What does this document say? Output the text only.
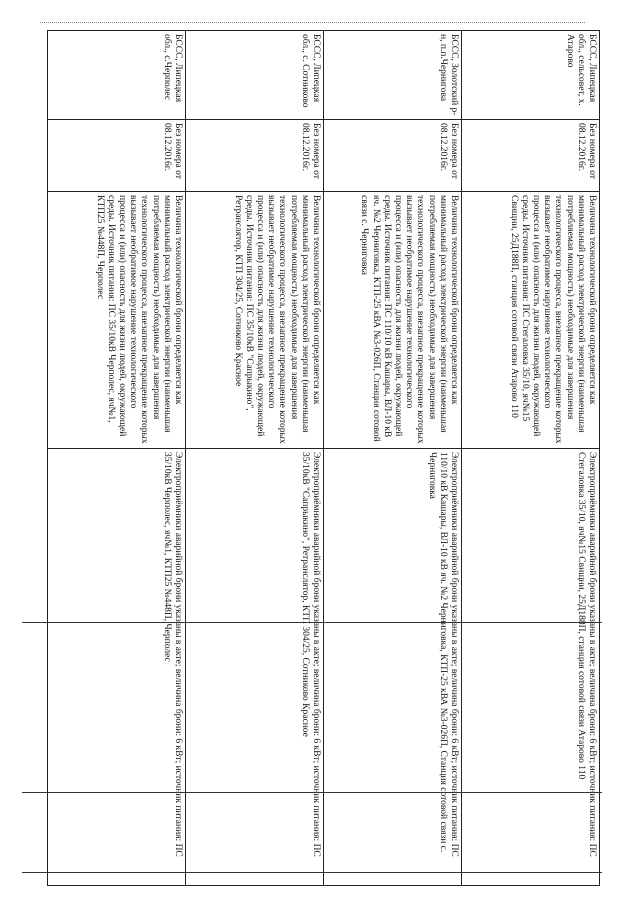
БССС, Липецкая обл., сельсовет, х. Атарово	Без номера от 08.12.2016г.	Величина технологической брони определяется как минимальный расход электрической энергии (наименьшая потребляемая мощность) необходимые для завершения технологического процесса, внезапное прекращение которых вызывает необратимое нарушение технологического процесса и (или) опасность для жизни людей, окружающей среды. Источник питания: ПС Стегаловка 35/10, яч№15 Свищни, 25Д188П, станция сотовой связи Атарово 110	Электроприёмники аварийной брони указаны в акте; величина брони: 6 кВт; источник питания: ПС Стегаловка 35/10, яч№15 Свищни, 25Д188П, станция сотовой связи Атарово 110
БССС, Золотский р-н, п.п.Чернигова	Без номера от 08.12.2016г.	Величина технологической брони определяется как минимальный расход электрической энергии (наименьшая потребляемая мощность) необходимые для завершения технологического процесса, внезапное прекращение которых вызывает необратимое нарушение технологического процесса и (или) опасность для жизни людей, окружающей среды. Источник питания: ПС 110/10 кВ Кашары, ВЛ-10 кВ яч. №2 Черниговка, КТП-25 кВА №3-026П, Станция сотовой связи с. Черниговка	Электроприёмники аварийной брони указаны в акте; величина брони: 6 кВт; источник питания: ПС 110/10 кВ Кашары, ВЛ-10 кВ яч. №2 Черниговка, КТП-25 кВА №3-026П, Станция сотовой связи с. Черниговка
БССС, Липецкая обл., с. Сотниково	Без номера от 08.12.2016г.	Величина технологической брони определяется как минимальный расход электрической энергии (наименьшая потребляемая мощность) необходимые для завершения технологического процесса, внезапное прекращение которых вызывает необратимое нарушение технологического процесса и (или) опасность для жизни людей, окружающей среды. Источник питания: ПС 35/10кВ "Сапрыкино", Ретранслятор, КТП 304/25, Сотниково Красное	Электроприёмники аварийной брони указаны в акте; величина брони: 6 кВт; источник питания: ПС 35/10кВ "Сапрыкино", Ретранслятор, КТП 304/25, Сотниково Красное
БССС, Липецкая обл., с.Черполес	Без номера от 08.12.2016г.	Величина технологической брони определяется как минимальный расход электрической энергии (наименьшая потребляемая мощность) необходимые для завершения технологического процесса, внезапное прекращение которых вызывает необратимое нарушение технологического процесса и (или) опасность для жизни людей, окружающей среды. Источник питания: ПС 35/10кВ Черполес, яч№1, КТП25 №448П, Черполес	Электроприёмники аварийной брони указаны в акте; величина брони: 6 кВт; источник питания: ПС 35/10кВ Черполес, яч№1, КТП25 №448П, Черполес
